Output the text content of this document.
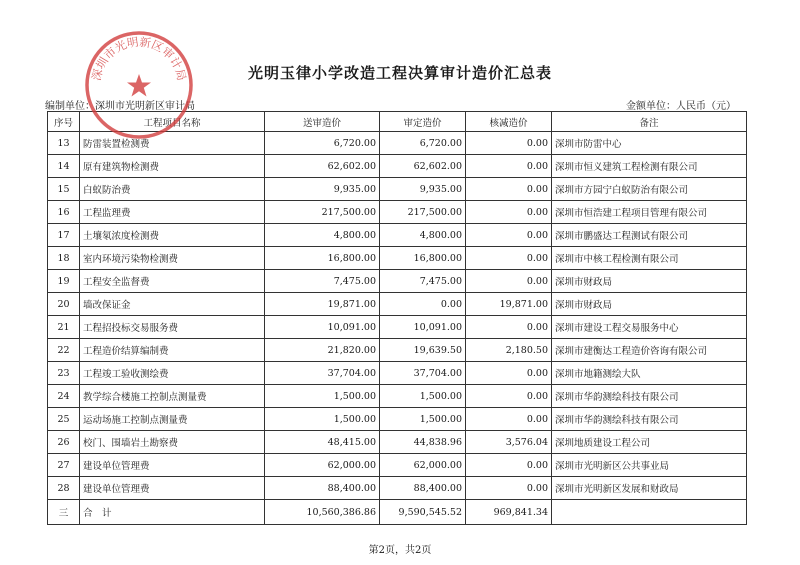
光明玉律小学改造工程决算审计造价汇总表
编制单位：深圳市光明新区审计局	金额单位：人民币（元）
序号	工程项目名称	送审造价	审定造价	核减造价	备注
13	防雷装置检测费	6,720.00	6,720.00	0.00	深圳市防雷中心
14	原有建筑物检测费	62,602.00	62,602.00	0.00	深圳市恒义建筑工程检测有限公司
15	白蚁防治费	9,935.00	9,935.00	0.00	深圳市方园宁白蚁防治有限公司
16	工程监理费	217,500.00	217,500.00	0.00	深圳市恒浩建工程项目管理有限公司
17	土壤氡浓度检测费	4,800.00	4,800.00	0.00	深圳市鹏盛达工程测试有限公司
18	室内环境污染物检测费	16,800.00	16,800.00	0.00	深圳市中核工程检测有限公司
19	工程安全监督费	7,475.00	7,475.00	0.00	深圳市财政局
20	墙改保证金	19,871.00	0.00	19,871.00	深圳市财政局
21	工程招投标交易服务费	10,091.00	10,091.00	0.00	深圳市建设工程交易服务中心
22	工程造价结算编制费	21,820.00	19,639.50	2,180.50	深圳市建衡达工程造价咨询有限公司
23	工程竣工验收测绘费	37,704.00	37,704.00	0.00	深圳市地籍测绘大队
24	教学综合楼施工控制点测量费	1,500.00	1,500.00	0.00	深圳市华韵测绘科技有限公司
25	运动场施工控制点测量费	1,500.00	1,500.00	0.00	深圳市华韵测绘科技有限公司
26	校门、围墙岩土勘察费	48,415.00	44,838.96	3,576.04	深圳地质建设工程公司
27	建设单位管理费	62,000.00	62,000.00	0.00	深圳市光明新区公共事业局
28	建设单位管理费	88,400.00	88,400.00	0.00	深圳市光明新区发展和财政局
三	合　计	10,560,386.86	9,590,545.52	969,841.34	
第2页，共2页
深圳市光明新区审计局
